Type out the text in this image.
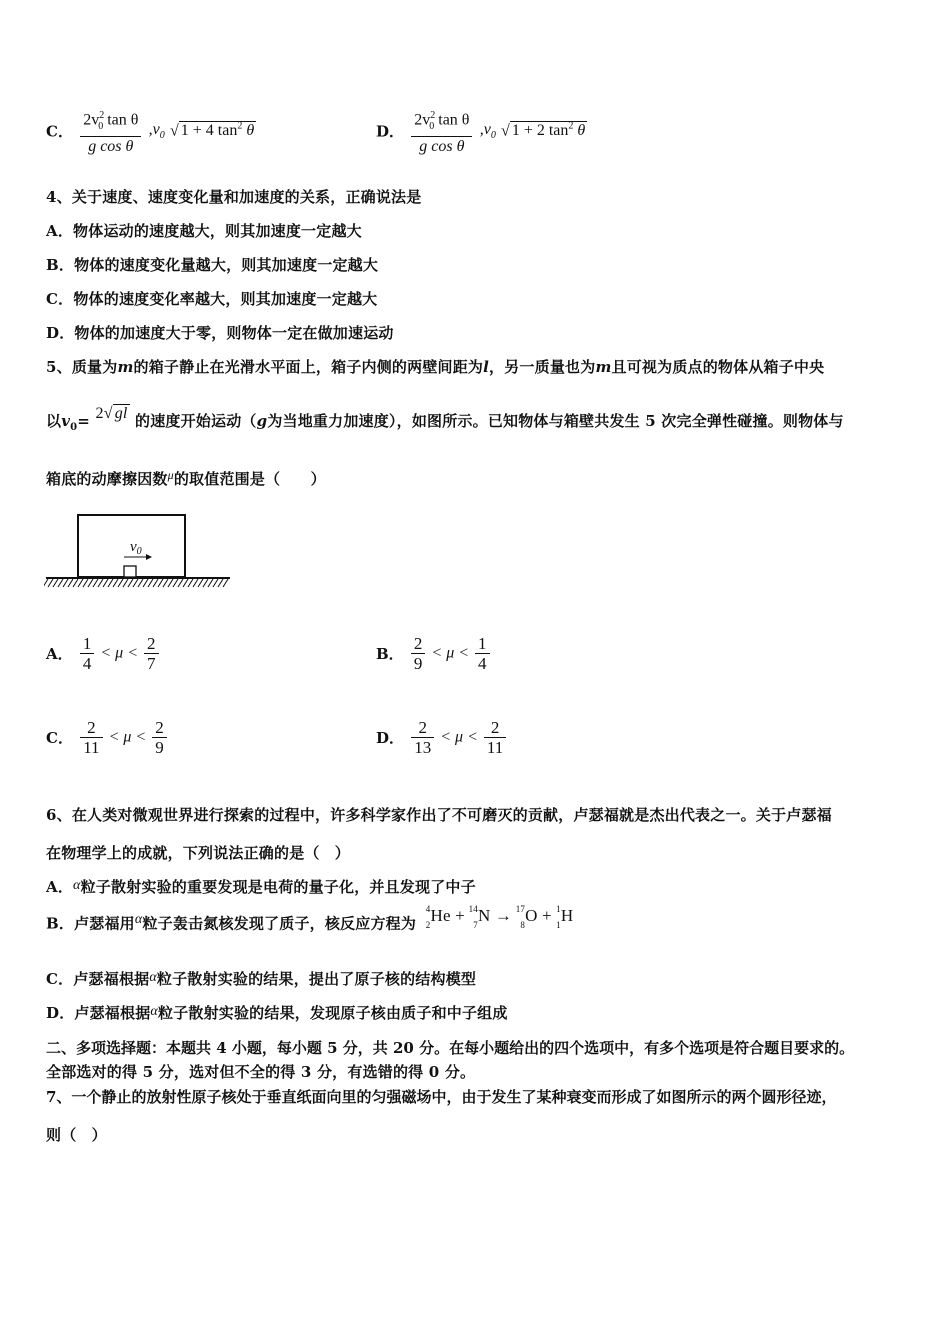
C． $\frac{2v^2_0 \tan \theta}{\text{g cos θ}} ,v_0$ √ 1 + 4 $\tan^2 \theta$	D． $\frac{2v^2_0 \tan \theta}{\text{g cos θ}} ,v_0$ √ 1 + 2 $\tan^2 \theta$
4、关于速度、速度变化量和加速度的关系，正确说法是
A．物体运动的速度越大，则其加速度一定越大
B．物体的速度变化量越大，则其加速度一定越大
C．物体的速度变化率越大，则其加速度一定越大
D．物体的加速度大于零，则物体一定在做加速运动
5、质量为m的箱子静止在光滑水平面上，箱子内侧的两壁间距为l，另一质量也为m且可视为质点的物体从箱子中央
以$v_0= 2√$ gl 的速度开始运动（g为当地重力加速度），如图所示。已知物体与箱壁共发生 5 次完全弹性碰撞。则物体与
箱底的动摩擦因数$^\mu$的取值范围是（　　）
$v_0$
A． $\frac{1}{4} < \mu < \frac{2}{7}$	B． $\frac{2}{9} < \mu < \frac{1}{4}$
C． $\frac{2}{11} < \mu < \frac{2}{9}$	D． $\frac{2}{13} < \mu < \frac{2}{11}$
6、在人类对微观世界进行探索的过程中，许多科学家作出了不可磨灭的贡献，卢瑟福就是杰出代表之一。关于卢瑟福
在物理学上的成就，下列说法正确的是（　）
A．α粒子散射实验的重要发现是电荷的量子化，并且发现了中子
B．卢瑟福用α粒子轰击氮核发现了质子，核反应方程为
4
2 He + 14
7 N → 17
8 O + 1
1 H
C．卢瑟福根据α粒子散射实验的结果，提出了原子核的结构模型
D．卢瑟福根据α粒子散射实验的结果，发现原子核由质子和中子组成
二、多项选择题：本题共 4 小题，每小题 5 分，共 20 分。在每小题给出的四个选项中，有多个选项是符合题目要求的。
全部选对的得 5 分，选对但不全的得 3 分，有选错的得 0 分。
7、一个静止的放射性原子核处于垂直纸面向里的匀强磁场中，由于发生了某种衰变而形成了如图所示的两个圆形径迹，
则（　）
